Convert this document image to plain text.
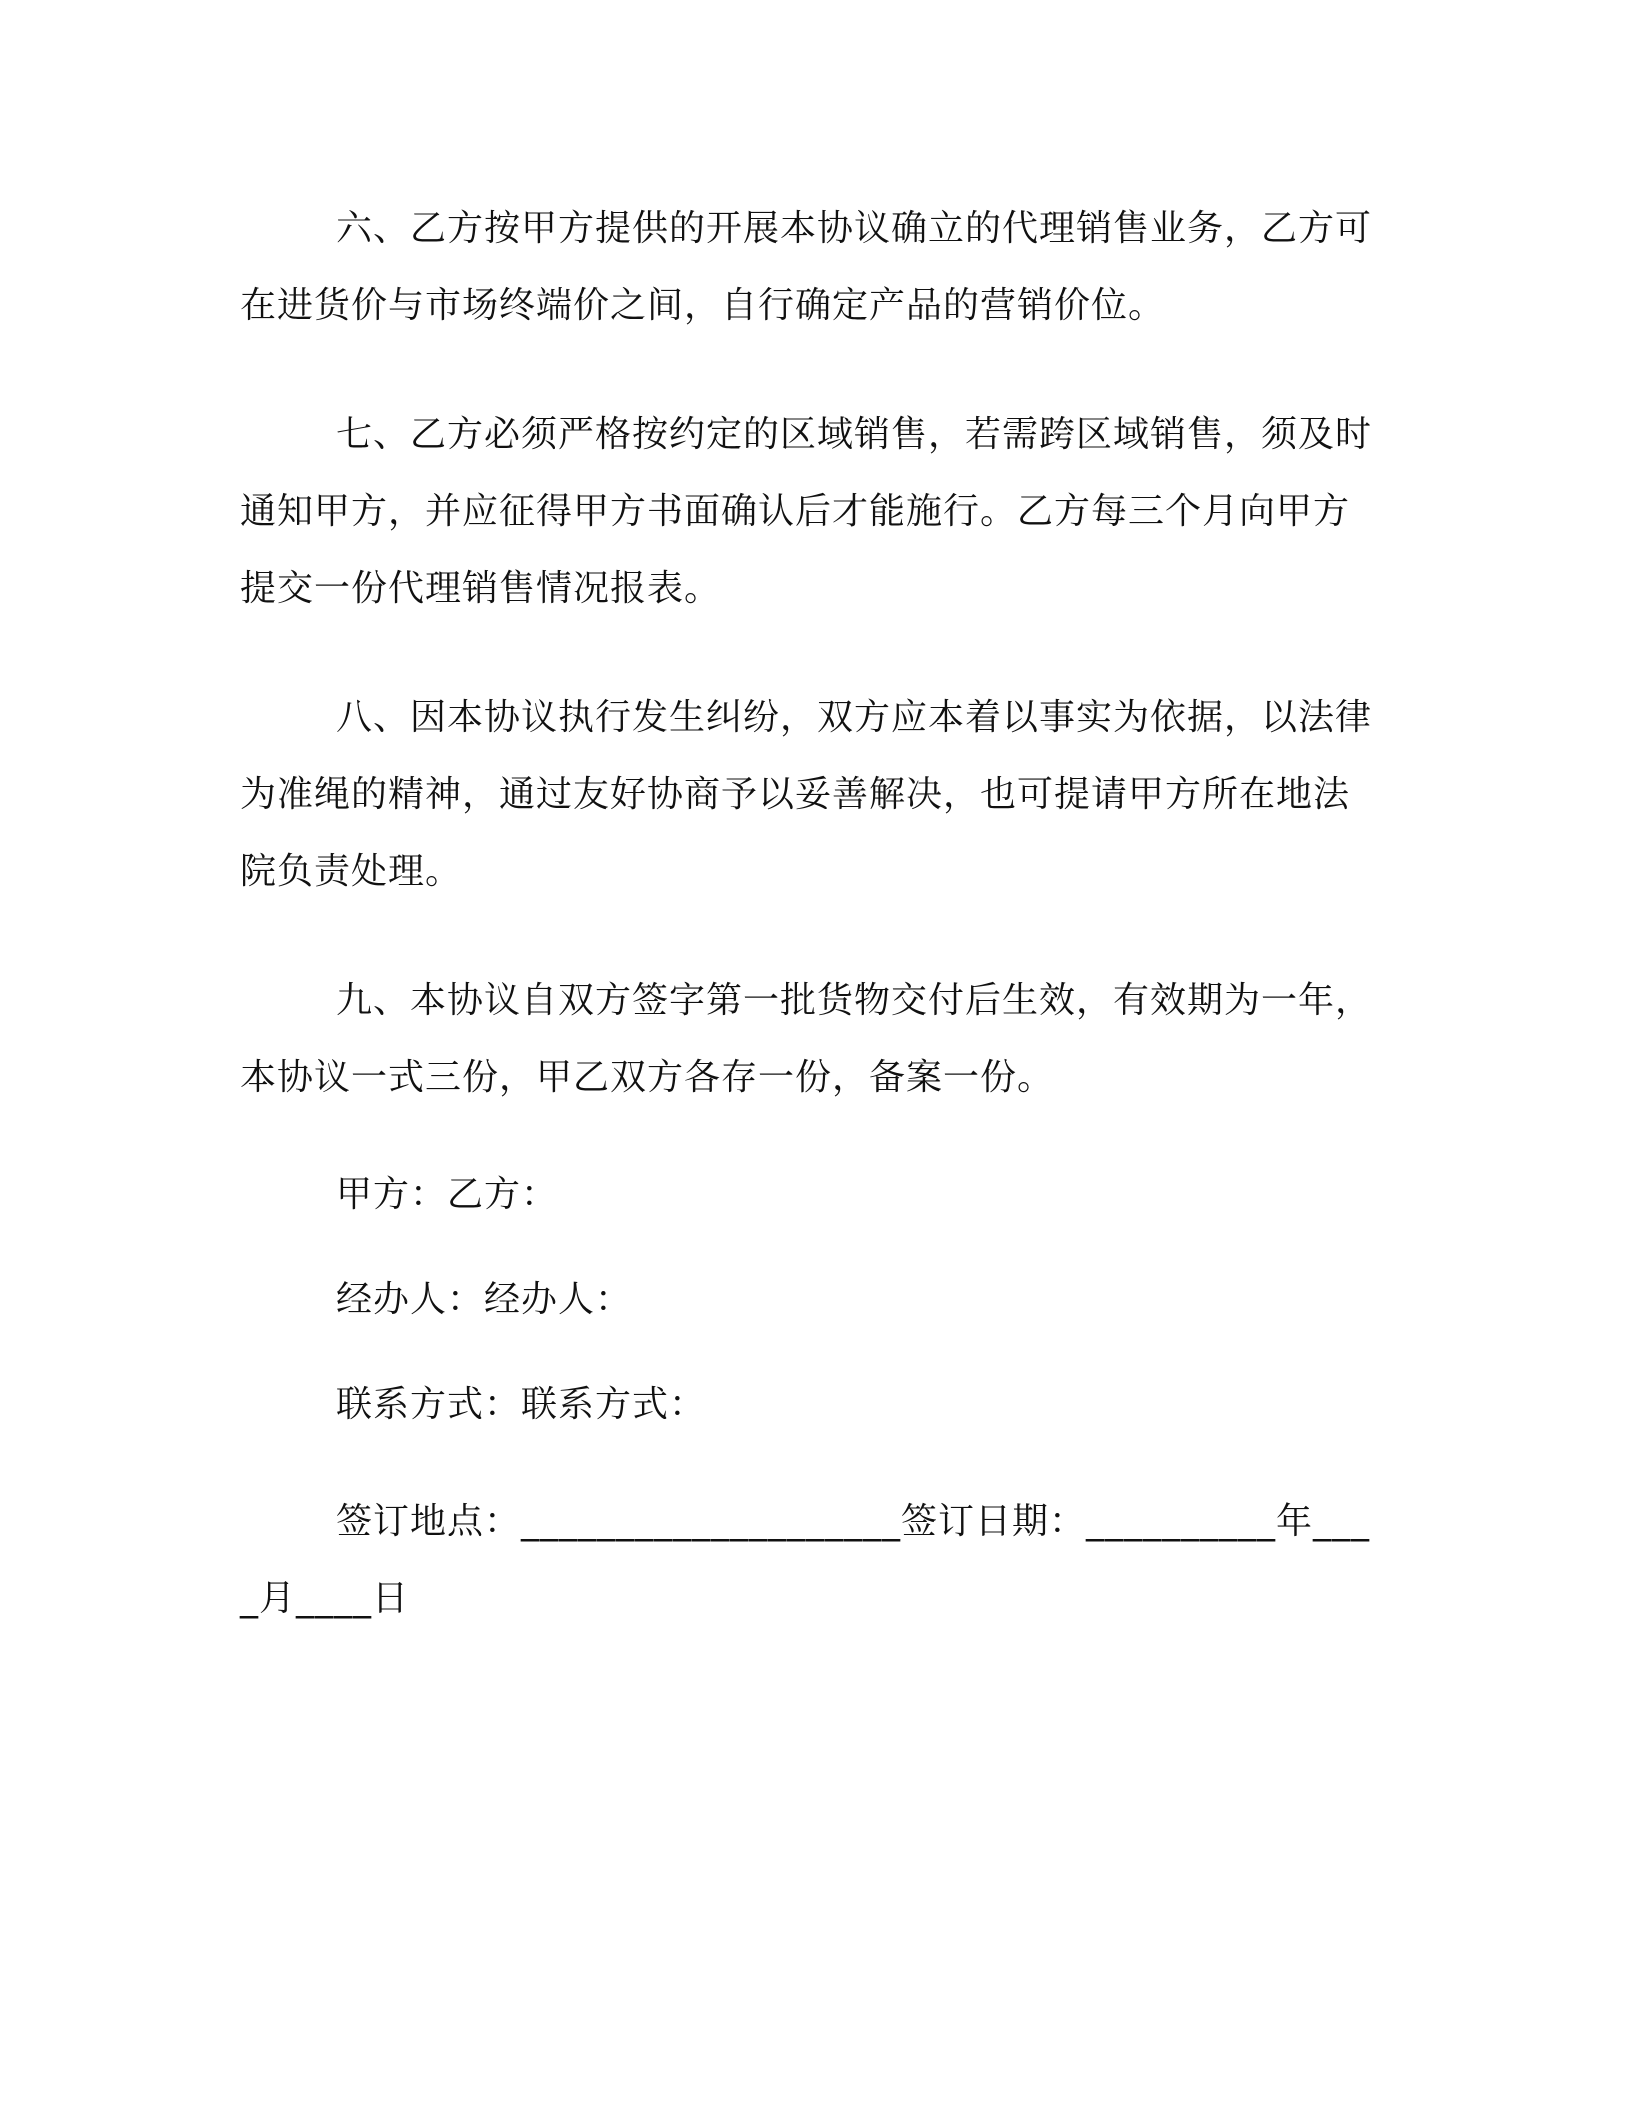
六、乙方按甲方提供的开展本协议确立的代理销售业务，乙方可在进货价与市场终端价之间，自行确定产品的营销价位。

七、乙方必须严格按约定的区域销售，若需跨区域销售，须及时通知甲方，并应征得甲方书面确认后才能施行。乙方每三个月向甲方提交一份代理销售情况报表。

八、因本协议执行发生纠纷，双方应本着以事实为依据，以法律为准绳的精神，通过友好协商予以妥善解决，也可提请甲方所在地法院负责处理。

九、本协议自双方签字第一批货物交付后生效，有效期为一年，本协议一式三份，甲乙双方各存一份，备案一份。

甲方：乙方：

经办人：经办人：

联系方式：联系方式：

签订地点：____________________签订日期：__________年____月____日
